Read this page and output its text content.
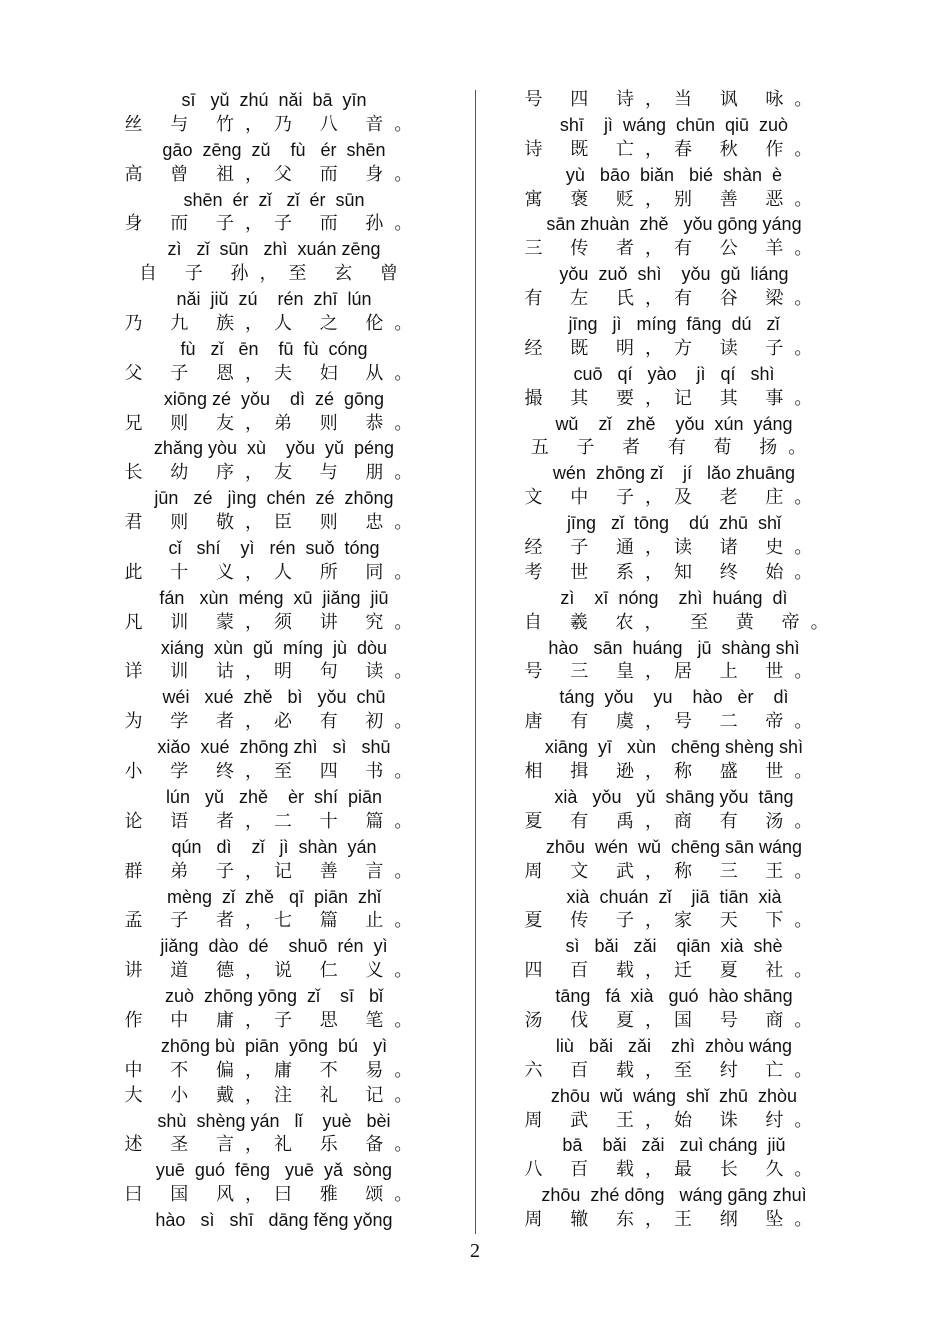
sī   yǔ  zhú  nǎi  bā  yīn
丝 与 竹，乃 八 音。
gāo  zēng  zǔ    fù   ér  shēn
高 曾 祖，父 而 身。
shēn  ér  zǐ   zǐ  ér  sūn
身 而 子，子 而 孙。
zì   zǐ  sūn   zhì  xuán zēng
自 子 孙，至 玄 曾
nǎi  jiǔ  zú    rén  zhī  lún
乃 九 族，人 之 伦。
fù   zǐ   ēn    fū  fù  cóng
父 子 恩，夫 妇 从。
xiōng zé  yǒu    dì  zé  gōng
兄 则 友，弟 则 恭。
zhǎng yòu  xù    yǒu  yǔ  péng
长 幼 序，友 与 朋。
jūn   zé   jìng  chén  zé  zhōng
君 则 敬，臣 则 忠。
cǐ   shí    yì   rén  suǒ  tóng
此 十 义，人 所 同。
fán   xùn  méng  xū  jiǎng  jiū
凡 训 蒙，须 讲 究。
xiáng  xùn  gǔ  míng  jù  dòu
详 训 诂，明 句 读。
wéi   xué  zhě   bì   yǒu  chū
为 学 者，必 有 初。
xiǎo  xué  zhōng zhì   sì   shū
小 学 终，至 四 书。
lún   yǔ   zhě    èr  shí  piān
论 语 者，二 十 篇。
qún   dì    zǐ   jì  shàn  yán
群 弟 子，记 善 言。
mèng  zǐ  zhě   qī  piān  zhǐ
孟 子 者，七 篇 止。
jiǎng  dào  dé    shuō  rén  yì
讲 道 德，说 仁 义。
zuò  zhōng yōng  zǐ    sī   bǐ
作 中 庸，子 思 笔。
zhōng bù  piān  yōng  bú   yì
中 不 偏，庸 不 易。
大 小 戴，注 礼 记。
shù  shèng yán   lǐ    yuè   bèi
述 圣 言，礼 乐 备。
yuē  guó  fēng   yuē  yǎ  sòng
曰 国 风，曰 雅 颂。
hào   sì   shī   dāng fěng yǒng
号 四 诗，当 讽 咏。
shī    jì  wáng  chūn  qiū  zuò
诗 既 亡，春 秋 作。
yù   bāo  biǎn   bié  shàn  è
寓 褒 贬，别 善 恶。
sān zhuàn  zhě   yǒu gōng yáng
三 传 者，有 公 羊。
yǒu  zuǒ  shì    yǒu  gǔ  liáng
有 左 氏，有 谷 梁。
jīng   jì   míng  fāng  dú   zǐ
经 既 明，方 读 子。
cuō   qí   yào    jì   qí   shì
撮 其 要，记 其 事。
wǔ    zǐ   zhě    yǒu  xún  yáng
五 子 者 有 荀 扬。
wén  zhōng zǐ    jí   lǎo zhuāng
文 中 子，及 老 庄。
jīng   zǐ  tōng    dú  zhū  shǐ
经 子 通，读 诸 史。
考 世 系，知 终 始。
zì    xī  nóng    zhì  huáng  dì
自 羲 农， 至 黄 帝。
hào   sān  huáng   jū  shàng shì
号 三 皇，居 上 世。
táng  yǒu    yu    hào   èr    dì
唐 有 虞，号 二 帝。
xiāng  yī   xùn   chēng shèng shì
相 揖 逊，称 盛 世。
xià   yǒu   yǔ  shāng yǒu  tāng
夏 有 禹，商 有 汤。
zhōu  wén  wǔ  chēng sān wáng
周 文 武，称 三 王。
xià  chuán  zǐ    jiā  tiān  xià
夏 传 子，家 天 下。
sì   bǎi   zǎi    qiān  xià  shè
四 百 载，迁 夏 社。
tāng   fá  xià   guó  hào shāng
汤 伐 夏，国 号 商。
liù   bǎi   zǎi    zhì  zhòu wáng
六 百 载，至 纣 亡。
zhōu  wǔ  wáng  shǐ  zhū  zhòu
周 武 王，始 诛 纣。
bā    bǎi   zǎi   zuì cháng  jiǔ
八 百 载，最 长 久。
zhōu  zhé dōng   wáng gāng zhuì
周 辙 东，王 纲 坠。
2
